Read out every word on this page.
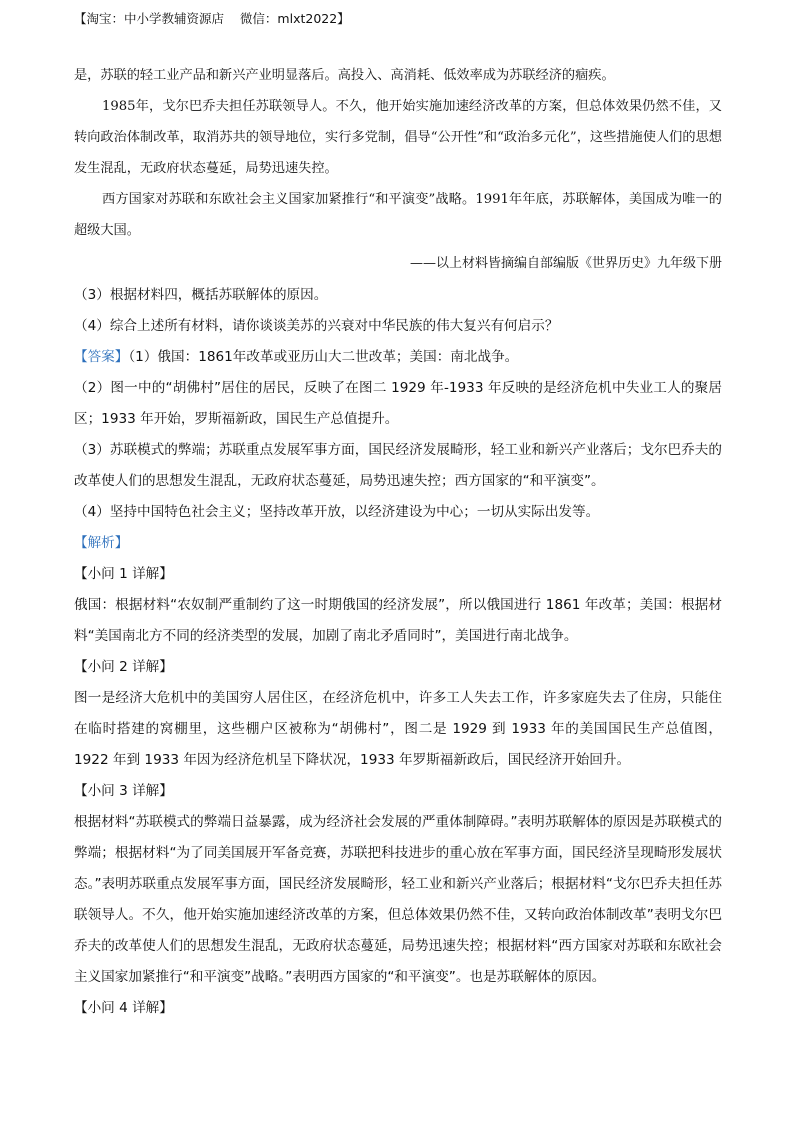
【淘宝：中小学教辅资源店 微信：mlxt2022】

是，苏联的轻工业产品和新兴产业明显落后。高投入、高消耗、低效率成为苏联经济的痼疾。

1985年，戈尔巴乔夫担任苏联领导人。不久，他开始实施加速经济改革的方案，但总体效果仍然不佳，又转向政治体制改革，取消苏共的领导地位，实行多党制，倡导“公开性”和“政治多元化”，这些措施使人们的思想发生混乱，无政府状态蔓延，局势迅速失控。

西方国家对苏联和东欧社会主义国家加紧推行“和平演变”战略。1991年年底，苏联解体，美国成为唯一的超级大国。

——以上材料皆摘编自部编版《世界历史》九年级下册

（3）根据材料四，概括苏联解体的原因。

（4）综合上述所有材料，请你谈谈美苏的兴衰对中华民族的伟大复兴有何启示？

【答案】（1）俄国：1861年改革或亚历山大二世改革；美国：南北战争。

（2）图一中的“胡佛村”居住的居民，反映了在图二 1929 年-1933 年反映的是经济危机中失业工人的聚居区；1933 年开始，罗斯福新政，国民生产总值提升。

（3）苏联模式的弊端；苏联重点发展军事方面，国民经济发展畸形，轻工业和新兴产业落后；戈尔巴乔夫的改革使人们的思想发生混乱，无政府状态蔓延，局势迅速失控；西方国家的“和平演变”。

（4）坚持中国特色社会主义；坚持改革开放，以经济建设为中心；一切从实际出发等。

【解析】

【小问 1 详解】

俄国：根据材料“农奴制严重制约了这一时期俄国的经济发展”，所以俄国进行 1861 年改革；美国：根据材料“美国南北方不同的经济类型的发展，加剧了南北矛盾同时”，美国进行南北战争。

【小问 2 详解】

图一是经济大危机中的美国穷人居住区，在经济危机中，许多工人失去工作，许多家庭失去了住房，只能住在临时搭建的窝棚里，这些棚户区被称为“胡佛村”，图二是 1929 到 1933 年的美国国民生产总值图，1922 年到 1933 年因为经济危机呈下降状况，1933 年罗斯福新政后，国民经济开始回升。

【小问 3 详解】

根据材料“苏联模式的弊端日益暴露，成为经济社会发展的严重体制障碍。”表明苏联解体的原因是苏联模式的弊端；根据材料“为了同美国展开军备竞赛，苏联把科技进步的重心放在军事方面，国民经济呈现畸形发展状态。”表明苏联重点发展军事方面，国民经济发展畸形，轻工业和新兴产业落后；根据材料“戈尔巴乔夫担任苏联领导人。不久，他开始实施加速经济改革的方案，但总体效果仍然不佳，又转向政治体制改革”表明戈尔巴乔夫的改革使人们的思想发生混乱，无政府状态蔓延，局势迅速失控；根据材料“西方国家对苏联和东欧社会主义国家加紧推行“和平演变”战略。”表明西方国家的“和平演变”。也是苏联解体的原因。

【小问 4 详解】
